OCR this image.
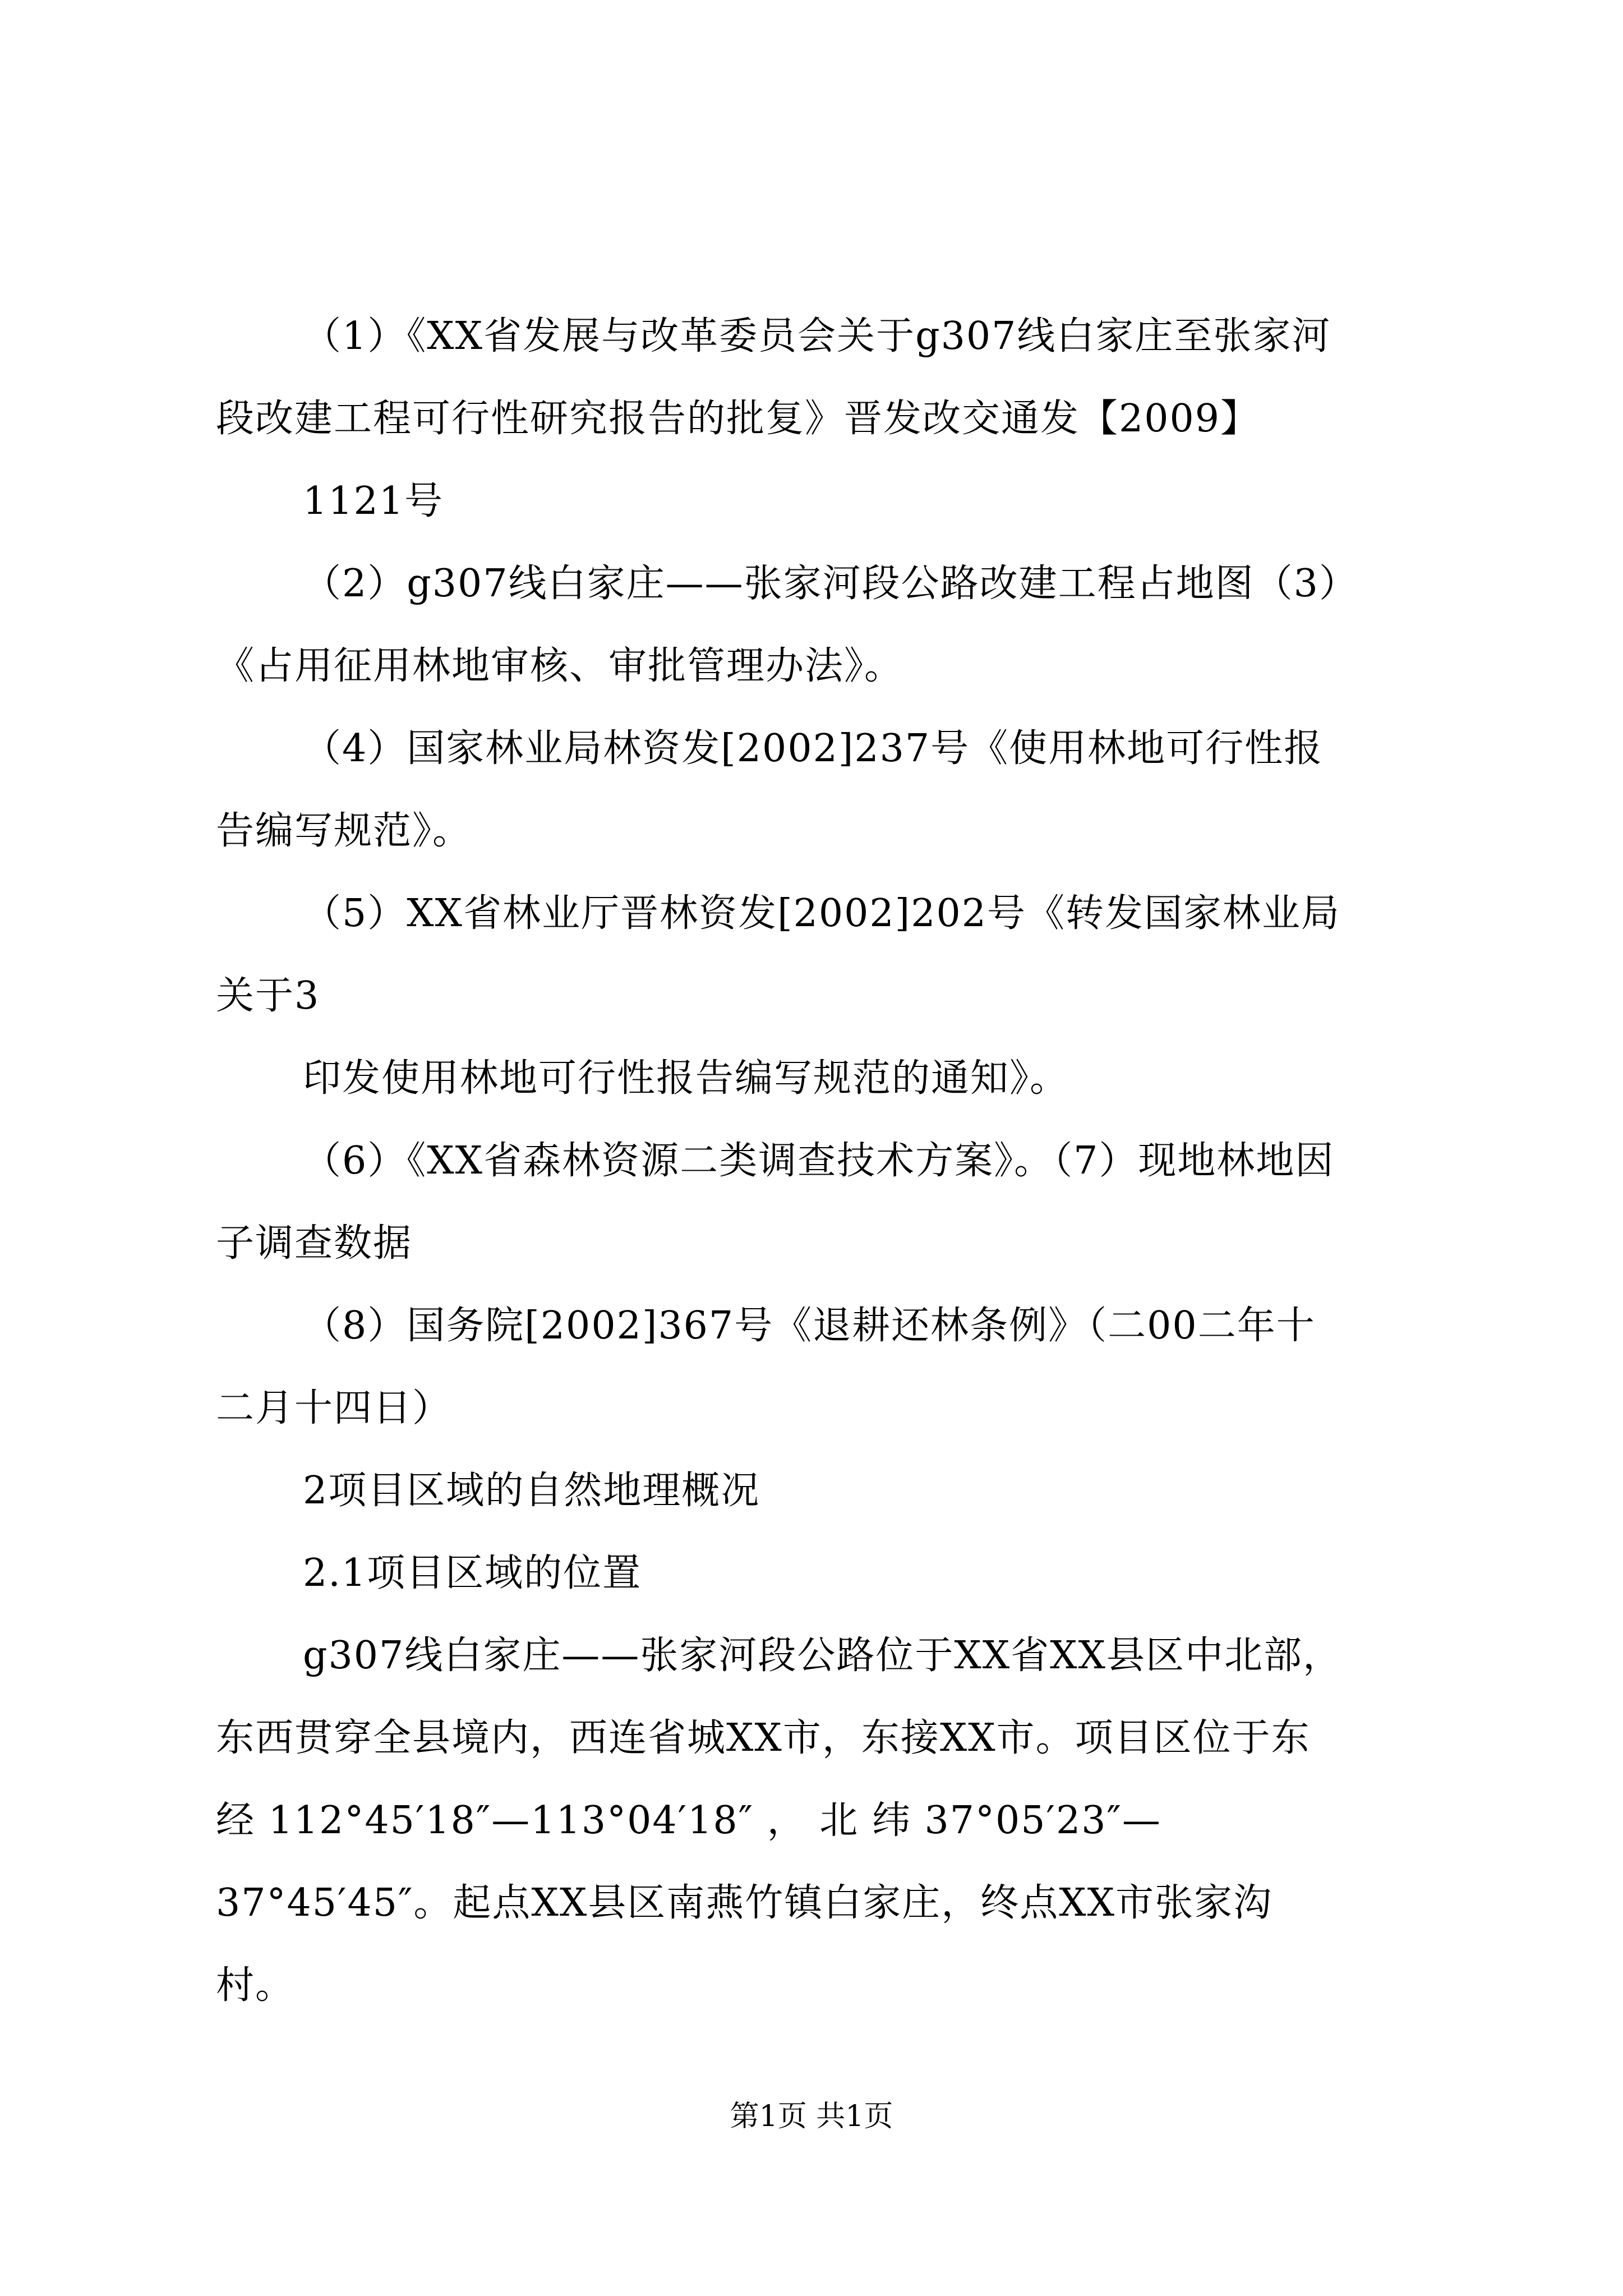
（1）《XX省发展与改革委员会关于g307线白家庄至张家河
段改建工程可行性研究报告的批复》晋发改交通发【2009】
1121号
（2）g307线白家庄——张家河段公路改建工程占地图（3）
《占用征用林地审核、审批管理办法》。
（4）国家林业局林资发[2002]237号《使用林地可行性报
告编写规范》。
（5）XX省林业厅晋林资发[2002]202号《转发国家林业局
关于3
印发使用林地可行性报告编写规范的通知》。
（6）《XX省森林资源二类调查技术方案》。（7）现地林地因
子调查数据
（8）国务院[2002]367号《退耕还林条例》（二00二年十
二月十四日）
2项目区域的自然地理概况
2.1项目区域的位置
g307线白家庄——张家河段公路位于XX省XX县区中北部，
东西贯穿全县境内，西连省城XX市，东接XX市。项目区位于东
经 112°45′18″—113°04′18″ ， 北 纬 37°05′23″—
37°45′45″。起点XX县区南燕竹镇白家庄，终点XX市张家沟
村。
第1页 共1页
